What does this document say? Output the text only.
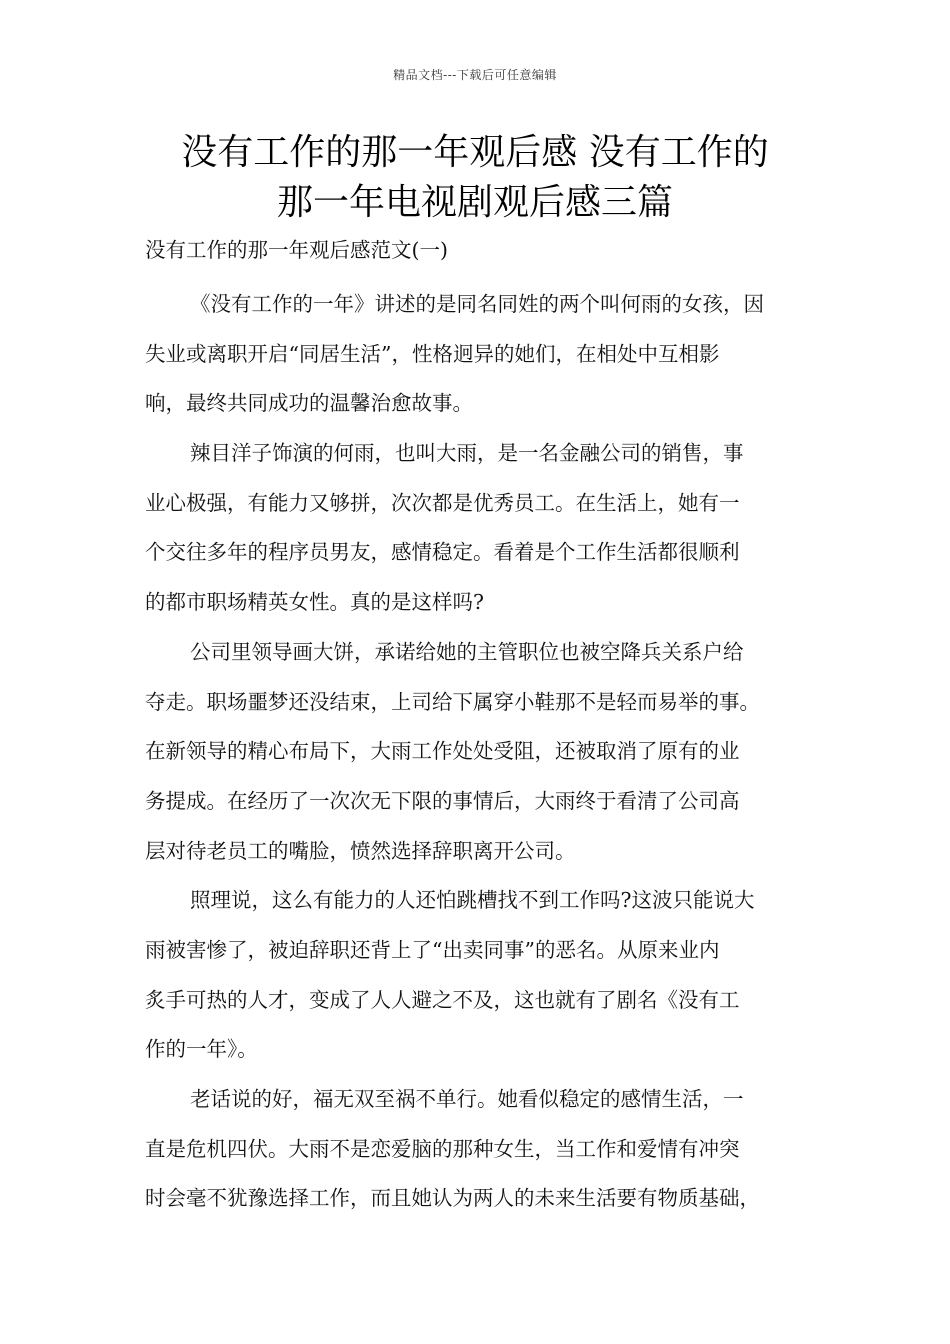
精品文档---下载后可任意编辑
没有工作的那一年观后感 没有工作的
那一年电视剧观后感三篇

没有工作的那一年观后感范文(一)

《没有工作的一年》讲述的是同名同姓的两个叫何雨的女孩，因
失业或离职开启“同居生活”，性格迥异的她们，在相处中互相影
响，最终共同成功的温馨治愈故事。
辣目洋子饰演的何雨，也叫大雨，是一名金融公司的销售，事
业心极强，有能力又够拼，次次都是优秀员工。在生活上，她有一
个交往多年的程序员男友，感情稳定。看着是个工作生活都很顺利
的都市职场精英女性。真的是这样吗?
公司里领导画大饼，承诺给她的主管职位也被空降兵关系户给
夺走。职场噩梦还没结束，上司给下属穿小鞋那不是轻而易举的事。
在新领导的精心布局下，大雨工作处处受阻，还被取消了原有的业
务提成。在经历了一次次无下限的事情后，大雨终于看清了公司高
层对待老员工的嘴脸，愤然选择辞职离开公司。
照理说，这么有能力的人还怕跳槽找不到工作吗?这波只能说大
雨被害惨了，被迫辞职还背上了“出卖同事”的恶名。从原来业内
炙手可热的人才，变成了人人避之不及，这也就有了剧名《没有工
作的一年》。
老话说的好，福无双至祸不单行。她看似稳定的感情生活，一
直是危机四伏。大雨不是恋爱脑的那种女生，当工作和爱情有冲突
时会毫不犹豫选择工作，而且她认为两人的未来生活要有物质基础，
